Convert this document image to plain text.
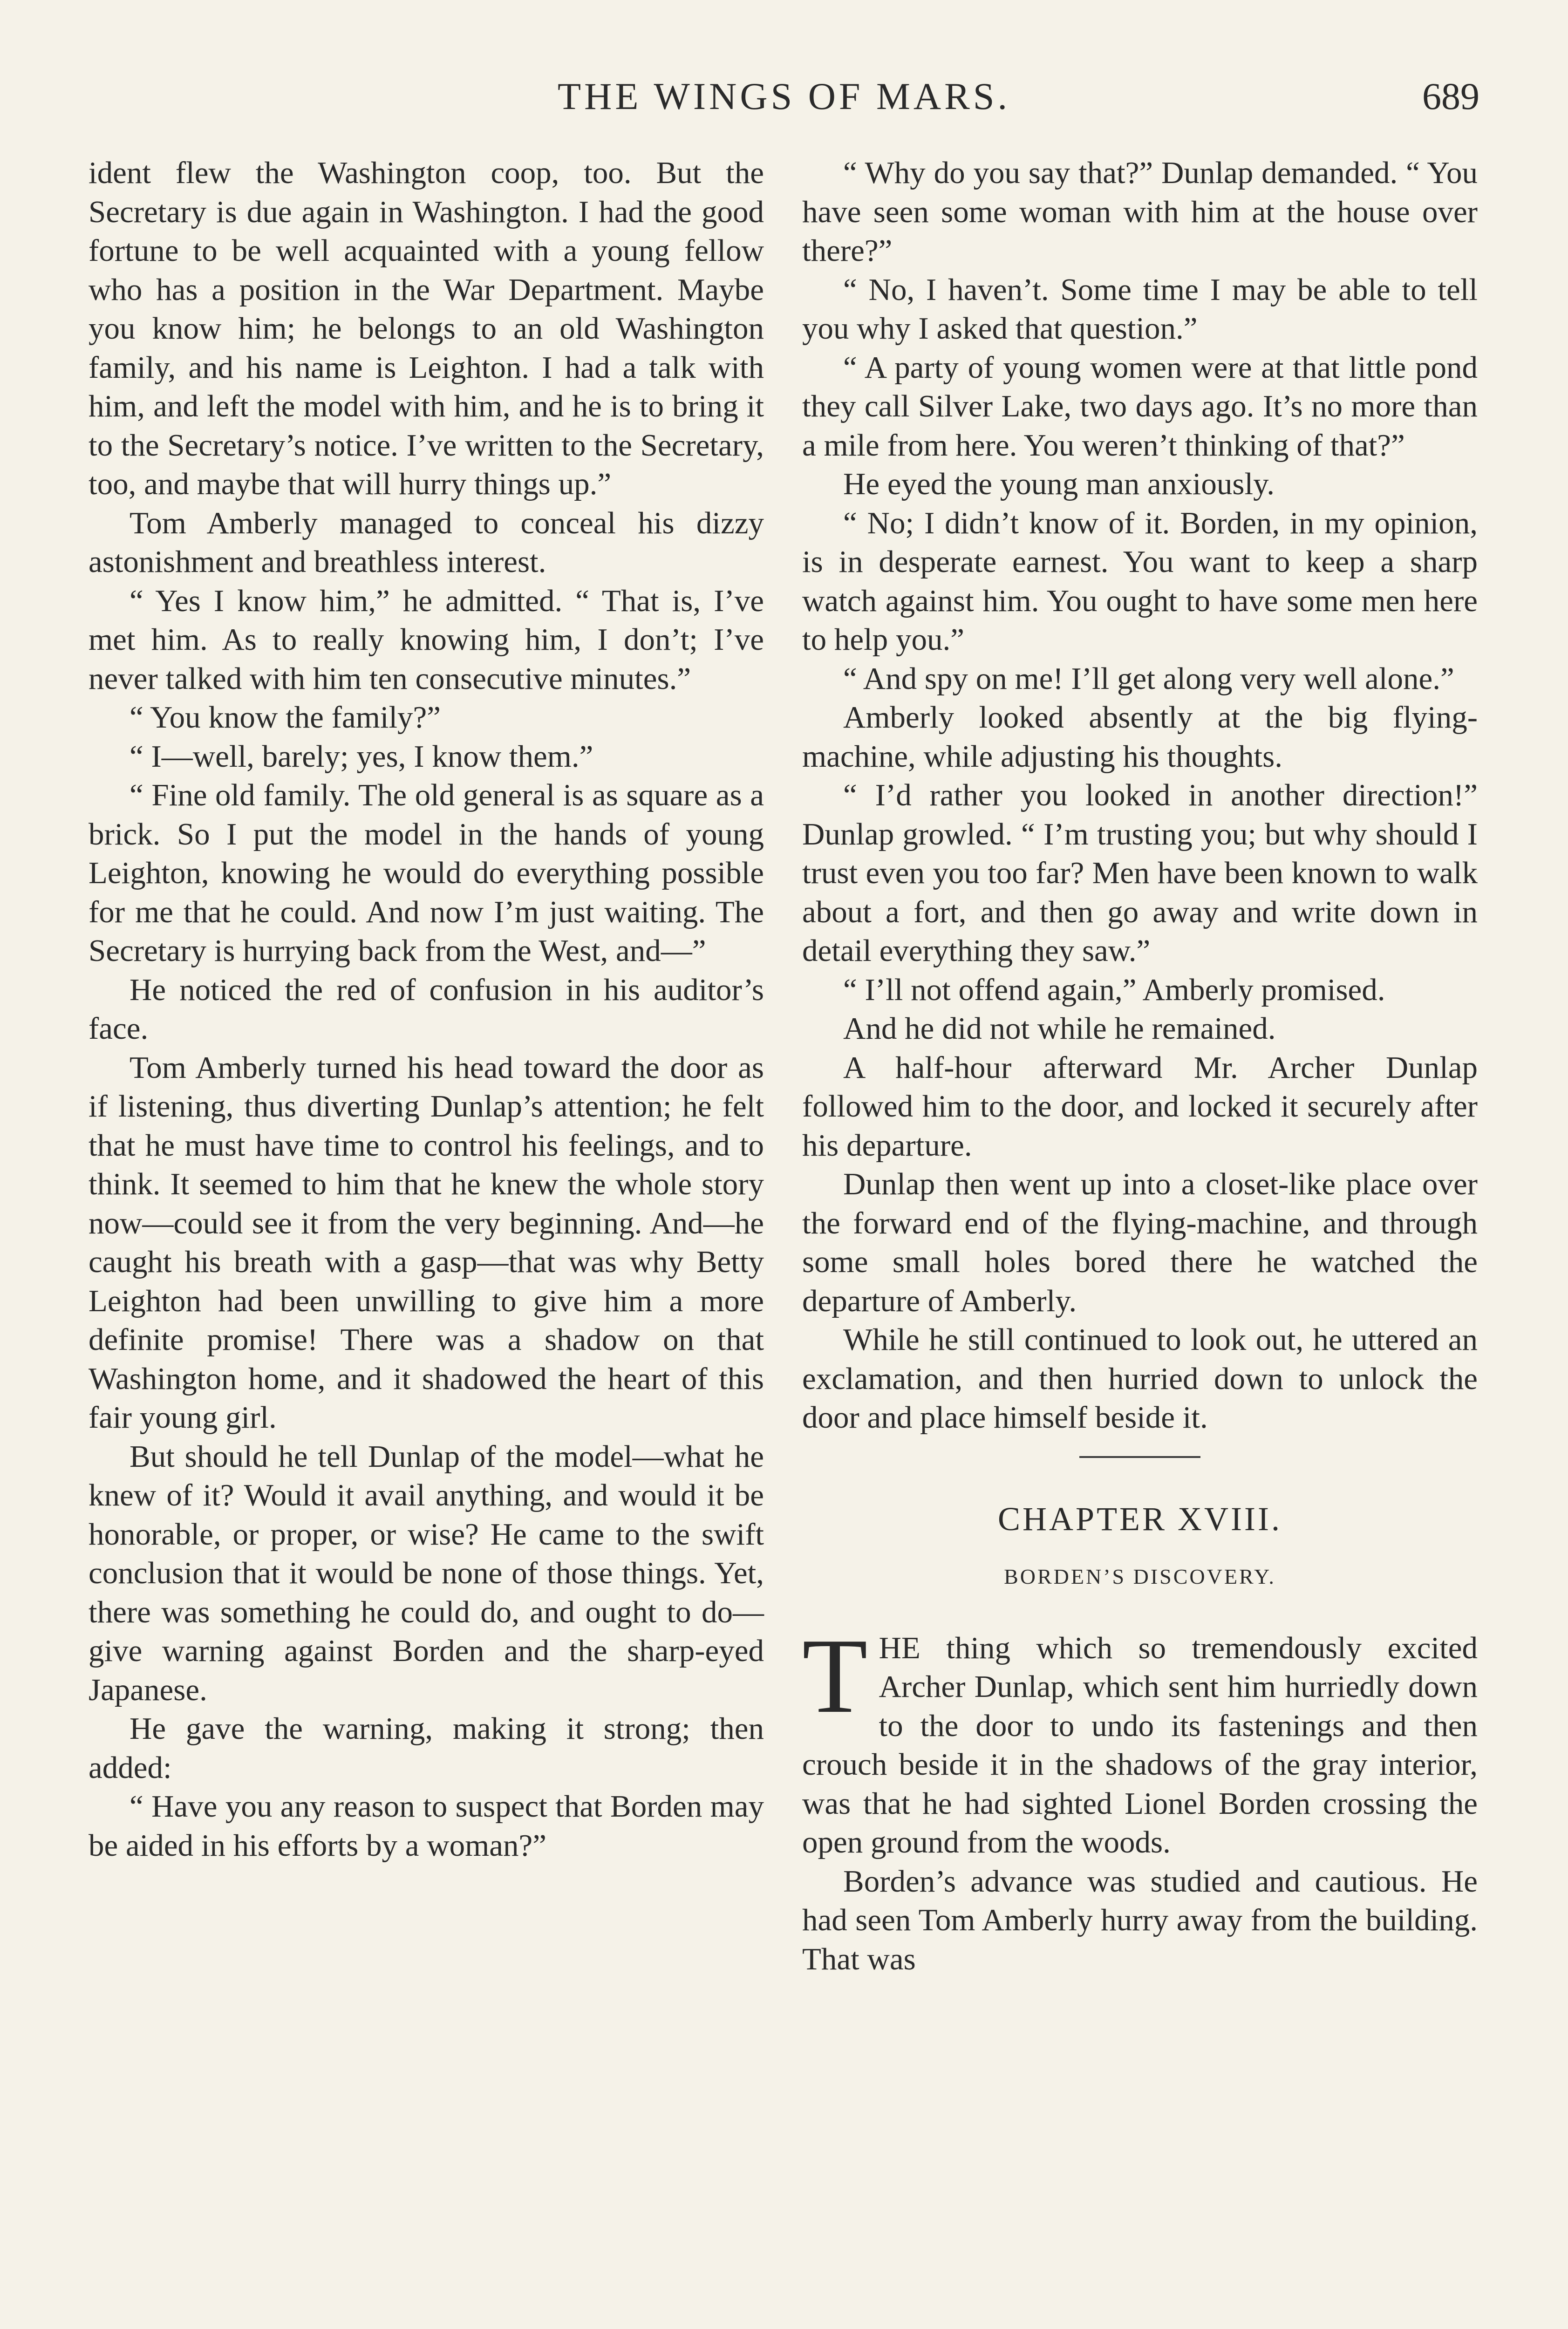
THE WINGS OF MARS.	689

ident flew the Washington coop, too. But the Secretary is due again in Washington. I had the good fortune to be well acquainted with a young fellow who has a position in the War Department. Maybe you know him; he belongs to an old Washington family, and his name is Leighton. I had a talk with him, and left the model with him, and he is to bring it to the Secretary’s notice. I’ve written to the Secretary, too, and maybe that will hurry things up.”

Tom Amberly managed to conceal his dizzy astonishment and breathless interest.

“ Yes I know him,” he admitted. “ That is, I’ve met him. As to really knowing him, I don’t; I’ve never talked with him ten consecutive minutes.”

“ You know the family?”

“ I—well, barely; yes, I know them.”

“ Fine old family. The old general is as square as a brick. So I put the model in the hands of young Leighton, knowing he would do everything possible for me that he could. And now I’m just waiting. The Secretary is hurrying back from the West, and—”

He noticed the red of confusion in his auditor’s face.

Tom Amberly turned his head toward the door as if listening, thus diverting Dunlap’s attention; he felt that he must have time to control his feelings, and to think. It seemed to him that he knew the whole story now—could see it from the very beginning. And—he caught his breath with a gasp—that was why Betty Leighton had been unwilling to give him a more definite promise! There was a shadow on that Washington home, and it shadowed the heart of this fair young girl.

But should he tell Dunlap of the model—what he knew of it? Would it avail anything, and would it be honorable, or proper, or wise? He came to the swift conclusion that it would be none of those things. Yet, there was something he could do, and ought to do—give warning against Borden and the sharp-eyed Japanese.

He gave the warning, making it strong; then added:

“ Have you any reason to suspect that Borden may be aided in his efforts by a woman?”

“ Why do you say that?” Dunlap demanded. “ You have seen some woman with him at the house over there?”

“ No, I haven’t. Some time I may be able to tell you why I asked that question.”

“ A party of young women were at that little pond they call Silver Lake, two days ago. It’s no more than a mile from here. You weren’t thinking of that?”

He eyed the young man anxiously.

“ No; I didn’t know of it. Borden, in my opinion, is in desperate earnest. You want to keep a sharp watch against him. You ought to have some men here to help you.”

“ And spy on me! I’ll get along very well alone.”

Amberly looked absently at the big flying-machine, while adjusting his thoughts.

“ I’d rather you looked in another direction!” Dunlap growled. “ I’m trusting you; but why should I trust even you too far? Men have been known to walk about a fort, and then go away and write down in detail everything they saw.”

“ I’ll not offend again,” Amberly promised.

And he did not while he remained.

A half-hour afterward Mr. Archer Dunlap followed him to the door, and locked it securely after his departure.

Dunlap then went up into a closet-like place over the forward end of the flying-machine, and through some small holes bored there he watched the departure of Amberly.

While he still continued to look out, he uttered an exclamation, and then hurried down to unlock the door and place himself beside it.

CHAPTER XVIII.
BORDEN’S DISCOVERY.

THE thing which so tremendously excited Archer Dunlap, which sent him hurriedly down to the door to undo its fastenings and then crouch beside it in the shadows of the gray interior, was that he had sighted Lionel Borden crossing the open ground from the woods.

Borden’s advance was studied and cautious. He had seen Tom Amberly hurry away from the building. That was
